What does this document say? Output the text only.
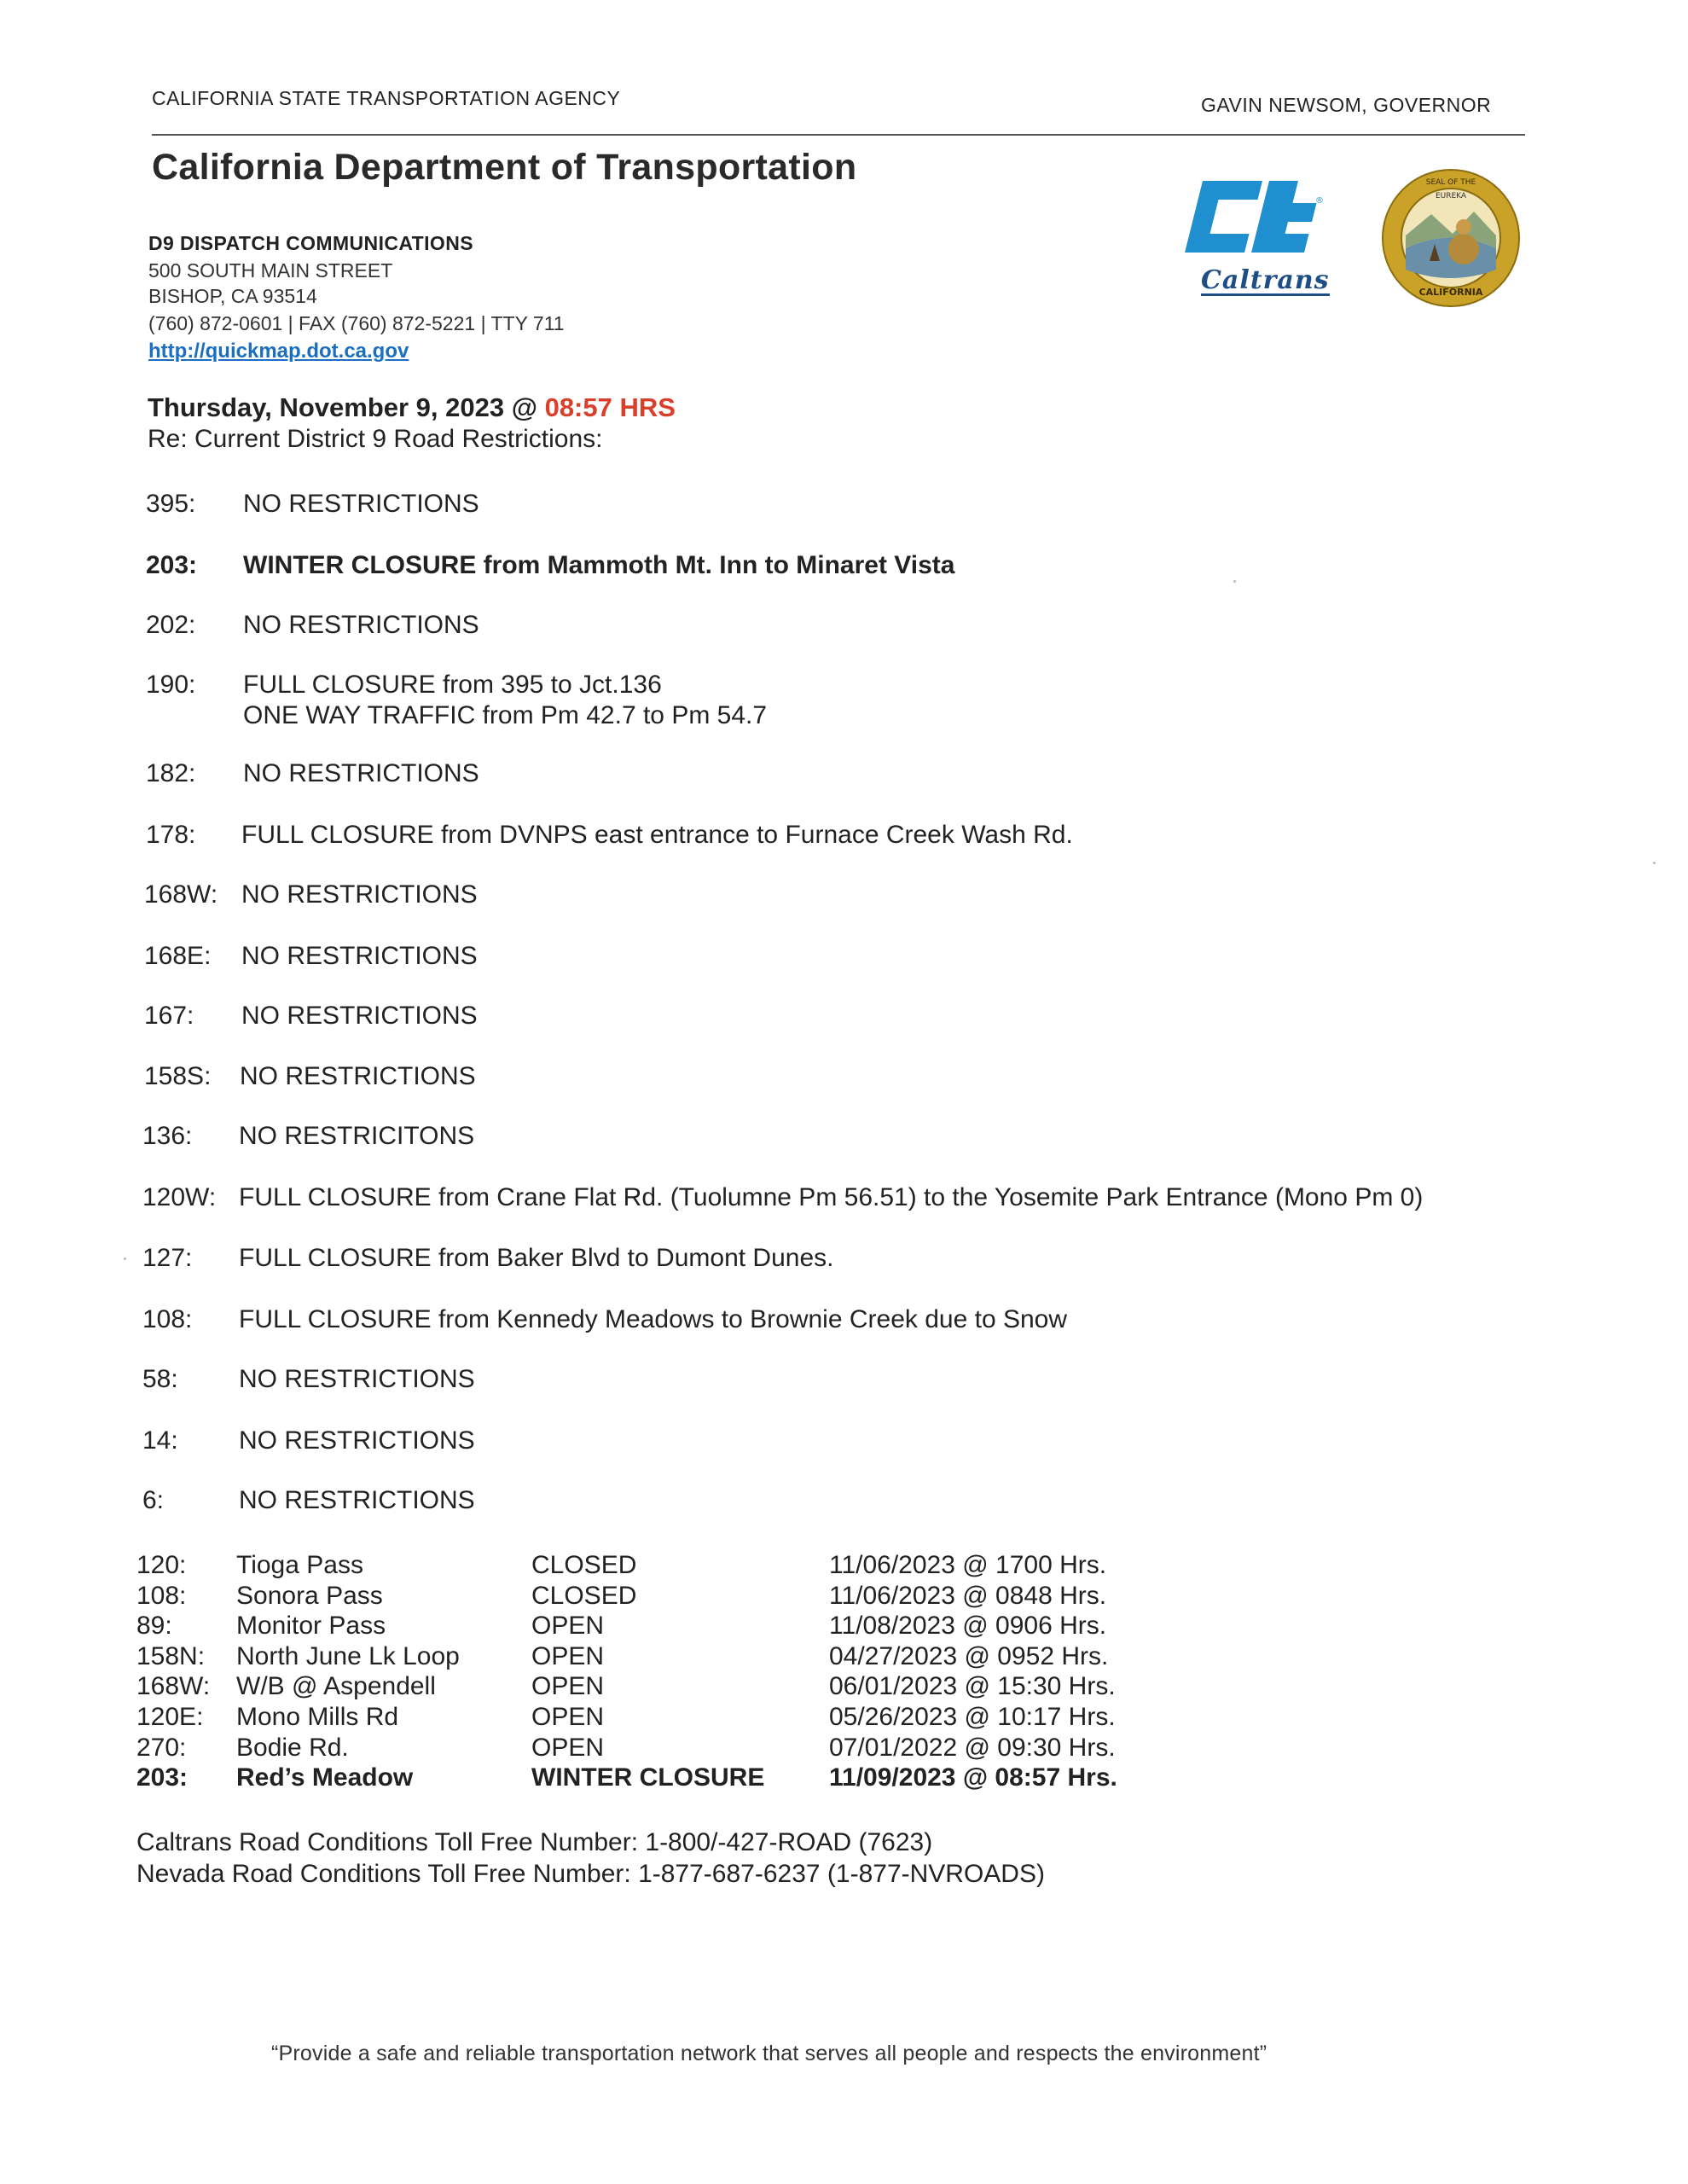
CALIFORNIA STATE TRANSPORTATION AGENCY	GAVIN NEWSOM, GOVERNOR
California Department of Transportation
D9 DISPATCH COMMUNICATIONS
500 SOUTH MAIN STREET
BISHOP, CA 93514
(760) 872-0601 | FAX (760) 872-5221 | TTY 711
http://quickmap.dot.ca.gov
®
Caltrans
EUREKA
CALIFORNIA
SEAL OF THE
Thursday, November 9, 2023 @ 08:57 HRS
Re: Current District 9 Road Restrictions:
395: NO RESTRICTIONS
203: WINTER CLOSURE from Mammoth Mt. Inn to Minaret Vista
202: NO RESTRICTIONS
190: FULL CLOSURE from 395 to Jct.136
ONE WAY TRAFFIC from Pm 42.7 to Pm 54.7
182: NO RESTRICTIONS
178: FULL CLOSURE from DVNPS east entrance to Furnace Creek Wash Rd.
168W: NO RESTRICTIONS
168E: NO RESTRICTIONS
167: NO RESTRICTIONS
158S: NO RESTRICTIONS
136: NO RESTRICITONS
120W: FULL CLOSURE from Crane Flat Rd. (Tuolumne Pm 56.51) to the Yosemite Park Entrance (Mono Pm 0)
127: FULL CLOSURE from Baker Blvd to Dumont Dunes.
108: FULL CLOSURE from Kennedy Meadows to Brownie Creek due to Snow
58: NO RESTRICTIONS
14: NO RESTRICTIONS
6:	NO RESTRICTIONS
120: Tioga Pass	CLOSED	11/06/2023 @ 1700 Hrs.
108: Sonora Pass	CLOSED	11/06/2023 @ 0848 Hrs.
89:	Monitor Pass	OPEN	11/08/2023 @ 0906 Hrs.
158N: North June Lk Loop	OPEN	04/27/2023 @ 0952 Hrs.
168W: W/B @ Aspendell	OPEN	06/01/2023 @ 15:30 Hrs.
120E: Mono Mills Rd	OPEN	05/26/2023 @ 10:17 Hrs.
270: Bodie Rd.	OPEN	07/01/2022 @ 09:30 Hrs.
203: Red’s Meadow	WINTER CLOSURE	11/09/2023 @ 08:57 Hrs.
Caltrans Road Conditions Toll Free Number: 1-800/-427-ROAD (7623)
Nevada Road Conditions Toll Free Number: 1-877-687-6237 (1-877-NVROADS)
“Provide a safe and reliable transportation network that serves all people and respects the environment”
